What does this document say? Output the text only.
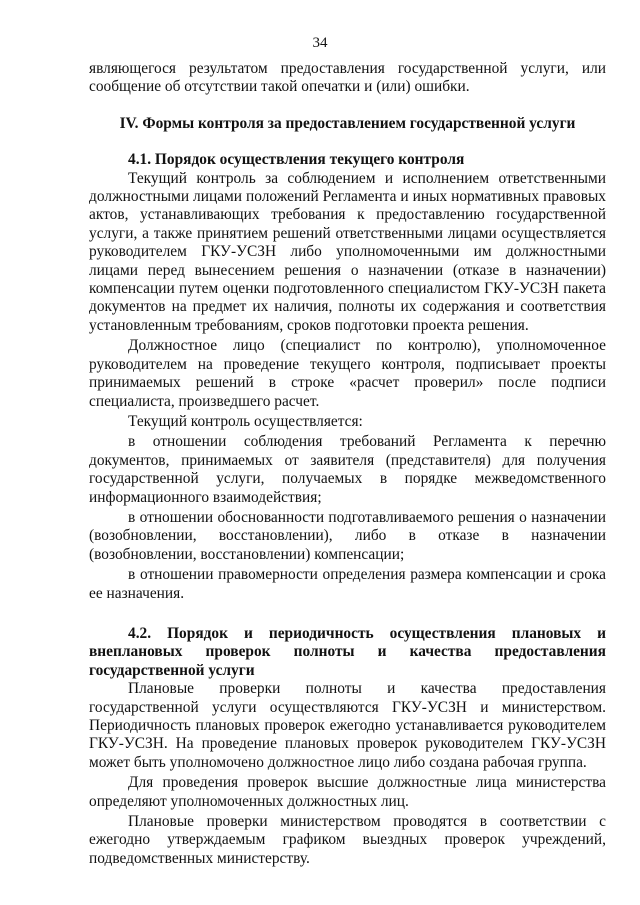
34

являющегося результатом предоставления государственной услуги, или

сообщение об отсутствии такой опечатки и (или) ошибки.

IV. Формы контроля за предоставлением государственной услуги

4.1. Порядок осуществления текущего контроля

Текущий контроль за соблюдением и исполнением ответственными должностными лицами положений Регламента и иных нормативных правовых актов, устанавливающих требования к предоставлению государственной услуги, а также принятием решений ответственными лицами осуществляется руководителем ГКУ-УСЗН либо уполномоченными им должностными лицами перед вынесением решения о назначении (отказе в назначении) компенсации путем оценки подготовленного специалистом ГКУ-УСЗН пакета документов на предмет их наличия, полноты их содержания и соответствия установленным требованиям, сроков подготовки проекта решения.

Должностное лицо (специалист по контролю), уполномоченное руководителем на проведение текущего контроля, подписывает проекты принимаемых решений в строке «расчет проверил» после подписи специалиста, произведшего расчет.

Текущий контроль осуществляется:

в отношении соблюдения требований Регламента к перечню документов, принимаемых от заявителя (представителя) для получения государственной услуги, получаемых в порядке межведомственного информационного взаимодействия;

в отношении обоснованности подготавливаемого решения о назначении (возобновлении, восстановлении), либо в отказе в назначении (возобновлении, восстановлении) компенсации;

в отношении правомерности определения размера компенсации и срока ее назначения.

4.2. Порядок и периодичность осуществления плановых и внеплановых проверок полноты и качества предоставления государственной услуги

Плановые проверки полноты и качества предоставления государственной услуги осуществляются ГКУ-УСЗН и министерством. Периодичность плановых проверок ежегодно устанавливается руководителем ГКУ-УСЗН. На проведение плановых проверок руководителем ГКУ-УСЗН может быть уполномочено должностное лицо либо создана рабочая группа.

Для проведения проверок высшие должностные лица министерства определяют уполномоченных должностных лиц.

Плановые проверки министерством проводятся в соответствии с ежегодно утверждаемым графиком выездных проверок учреждений, подведомственных министерству.
